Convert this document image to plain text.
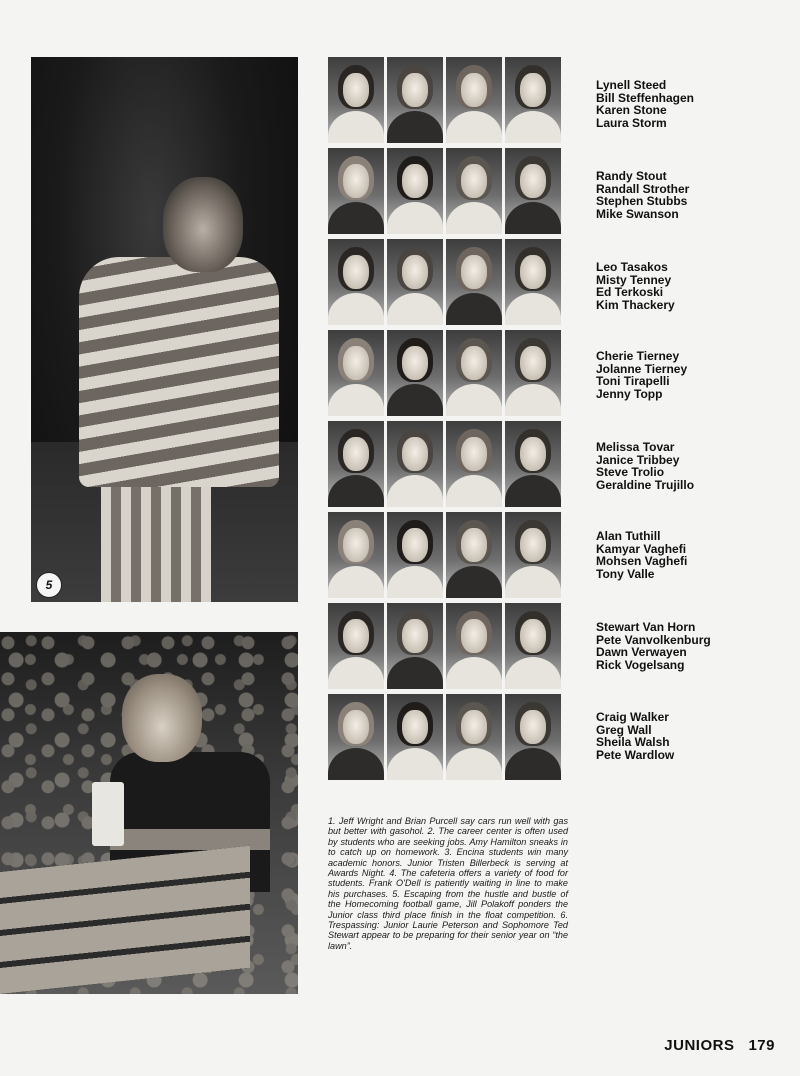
5
Lynell Steed
Bill Steffenhagen
Karen Stone
Laura Storm
Randy Stout
Randall Strother
Stephen Stubbs
Mike Swanson
Leo Tasakos
Misty Tenney
Ed Terkoski
Kim Thackery
Cherie Tierney
Jolanne Tierney
Toni Tirapelli
Jenny Topp
Melissa Tovar
Janice Tribbey
Steve Trolio
Geraldine Trujillo
Alan Tuthill
Kamyar Vaghefi
Mohsen Vaghefi
Tony Valle
Stewart Van Horn
Pete Vanvolkenburg
Dawn Verwayen
Rick Vogelsang
Craig Walker
Greg Wall
Sheila Walsh
Pete Wardlow
1. Jeff Wright and Brian Purcell say cars run well with gas but better with gasohol. 2. The career center is often used by students who are seeking jobs. Amy Hamilton sneaks in to catch up on homework. 3. Encina students win many academic honors. Junior Tristen Billerbeck is serving at Awards Night. 4. The cafeteria offers a variety of food for students. Frank O'Dell is patiently waiting in line to make his purchases. 5. Escaping from the hustle and bustle of the Homecoming football game, Jill Polakoff ponders the Junior class third place finish in the float competition. 6. Trespassing: Junior Laurie Peterson and Sophomore Ted Stewart appear to be preparing for their senior year on “the lawn”.
JUNIORS 179
